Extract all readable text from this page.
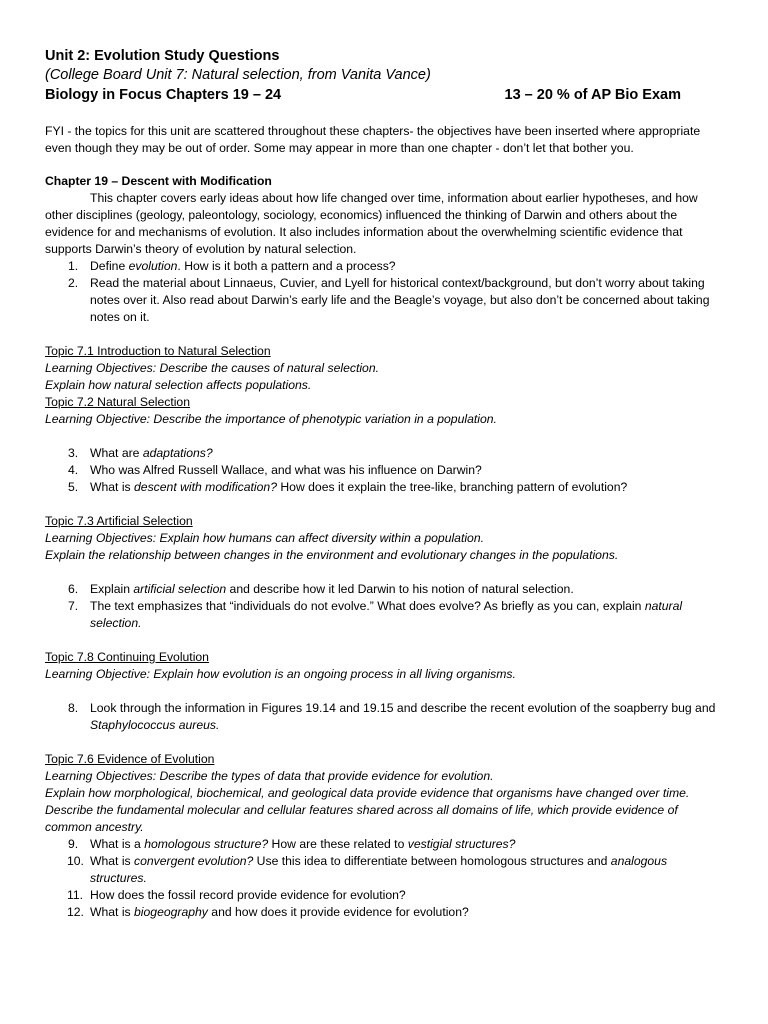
Unit 2: Evolution Study Questions

(College Board Unit 7: Natural selection, from Vanita Vance)

Biology in Focus Chapters 19 – 24	13 – 20 % of AP Bio Exam
FYI - the topics for this unit are scattered throughout these chapters- the objectives have been inserted where appropriate even though they may be out of order. Some may appear in more than one chapter - don’t let that bother you.
Chapter 19 – Descent with Modification
This chapter covers early ideas about how life changed over time, information about earlier hypotheses, and how other disciplines (geology, paleontology, sociology, economics) influenced the thinking of Darwin and others about the evidence for and mechanisms of evolution. It also includes information about the overwhelming scientific evidence that supports Darwin’s theory of evolution by natural selection.
1. Define evolution. How is it both a pattern and a process?
2. Read the material about Linnaeus, Cuvier, and Lyell for historical context/background, but don’t worry about taking notes over it. Also read about Darwin’s early life and the Beagle’s voyage, but also don’t be concerned about taking notes on it.
Topic 7.1 Introduction to Natural Selection
Learning Objectives: Describe the causes of natural selection.
Explain how natural selection affects populations.
Topic 7.2 Natural Selection
Learning Objective: Describe the importance of phenotypic variation in a population.
3. What are adaptations?
4. Who was Alfred Russell Wallace, and what was his influence on Darwin?
5. What is descent with modification? How does it explain the tree-like, branching pattern of evolution?
Topic 7.3 Artificial Selection
Learning Objectives: Explain how humans can affect diversity within a population.
Explain the relationship between changes in the environment and evolutionary changes in the populations.
6. Explain artificial selection and describe how it led Darwin to his notion of natural selection.
7. The text emphasizes that “individuals do not evolve.” What does evolve? As briefly as you can, explain natural selection.
Topic 7.8 Continuing Evolution
Learning Objective: Explain how evolution is an ongoing process in all living organisms.
8. Look through the information in Figures 19.14 and 19.15 and describe the recent evolution of the soapberry bug and Staphylococcus aureus.
Topic 7.6 Evidence of Evolution
Learning Objectives: Describe the types of data that provide evidence for evolution.
Explain how morphological, biochemical, and geological data provide evidence that organisms have changed over time.
Describe the fundamental molecular and cellular features shared across all domains of life, which provide evidence of common ancestry.
9. What is a homologous structure? How are these related to vestigial structures?
10. What is convergent evolution? Use this idea to differentiate between homologous structures and analogous structures.
11. How does the fossil record provide evidence for evolution?
12. What is biogeography and how does it provide evidence for evolution?
